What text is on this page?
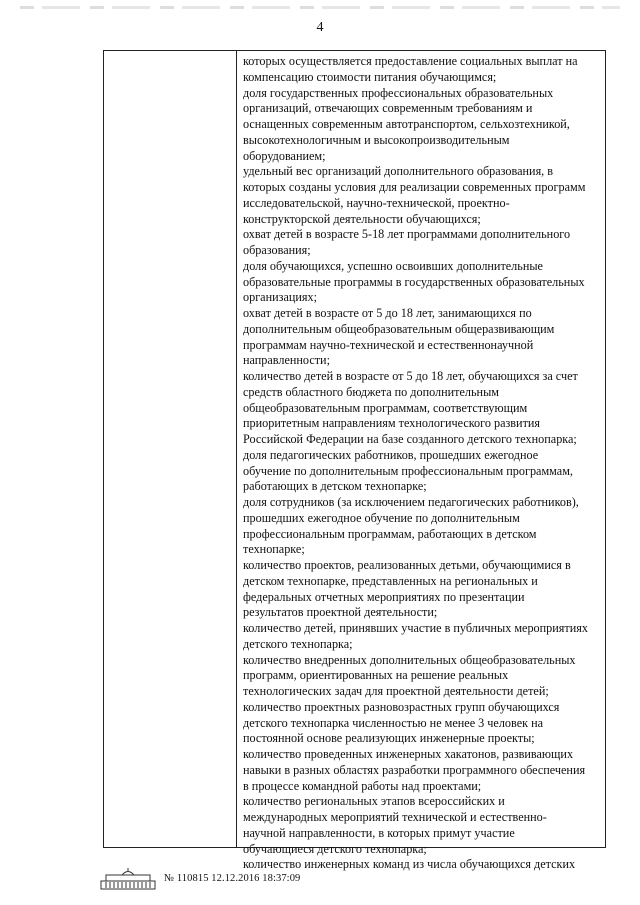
4
которых осуществляется предоставление социальных выплат на
компенсацию стоимости питания обучающимся;
доля государственных профессиональных образовательных
организаций, отвечающих современным требованиям и
оснащенных современным автотранспортом, сельхозтехникой,
высокотехнологичным и высокопроизводительным
оборудованием;
удельный вес организаций дополнительного образования, в
которых созданы условия для реализации современных программ
исследовательской, научно-технической, проектно-
конструкторской деятельности обучающихся;
охват детей в возрасте 5-18 лет программами дополнительного
образования;
доля обучающихся, успешно освоивших дополнительные
образовательные программы в государственных образовательных
организациях;
охват детей в возрасте от 5 до 18 лет, занимающихся по
дополнительным общеобразовательным общеразвивающим
программам научно-технической и естественнонаучной
направленности;
количество детей в возрасте от 5 до 18 лет, обучающихся за счет
средств областного бюджета по дополнительным
общеобразовательным программам, соответствующим
приоритетным направлениям технологического развития
Российской Федерации на базе созданного детского технопарка;
доля педагогических работников, прошедших ежегодное
обучение по дополнительным профессиональным программам,
работающих в детском технопарке;
доля сотрудников (за исключением педагогических работников),
прошедших ежегодное обучение по дополнительным
профессиональным программам, работающих в детском
технопарке;
количество проектов, реализованных детьми, обучающимися в
детском технопарке, представленных на региональных и
федеральных отчетных мероприятиях по презентации
результатов проектной деятельности;
количество детей, принявших участие в публичных мероприятиях
детского технопарка;
количество внедренных дополнительных общеобразовательных
программ, ориентированных на решение реальных
технологических задач для проектной деятельности детей;
количество проектных разновозрастных групп обучающихся
детского технопарка численностью не менее 3 человек на
постоянной основе реализующих инженерные проекты;
количество проведенных инженерных хакатонов, развивающих
навыки в разных областях разработки программного обеспечения
в процессе командной работы над проектами;
количество региональных этапов всероссийских и
международных мероприятий технической и естественно-
научной направленности, в которых примут участие
обучающиеся детского технопарка;
количество инженерных команд из числа обучающихся детских
№ 110815 12.12.2016 18:37:09
